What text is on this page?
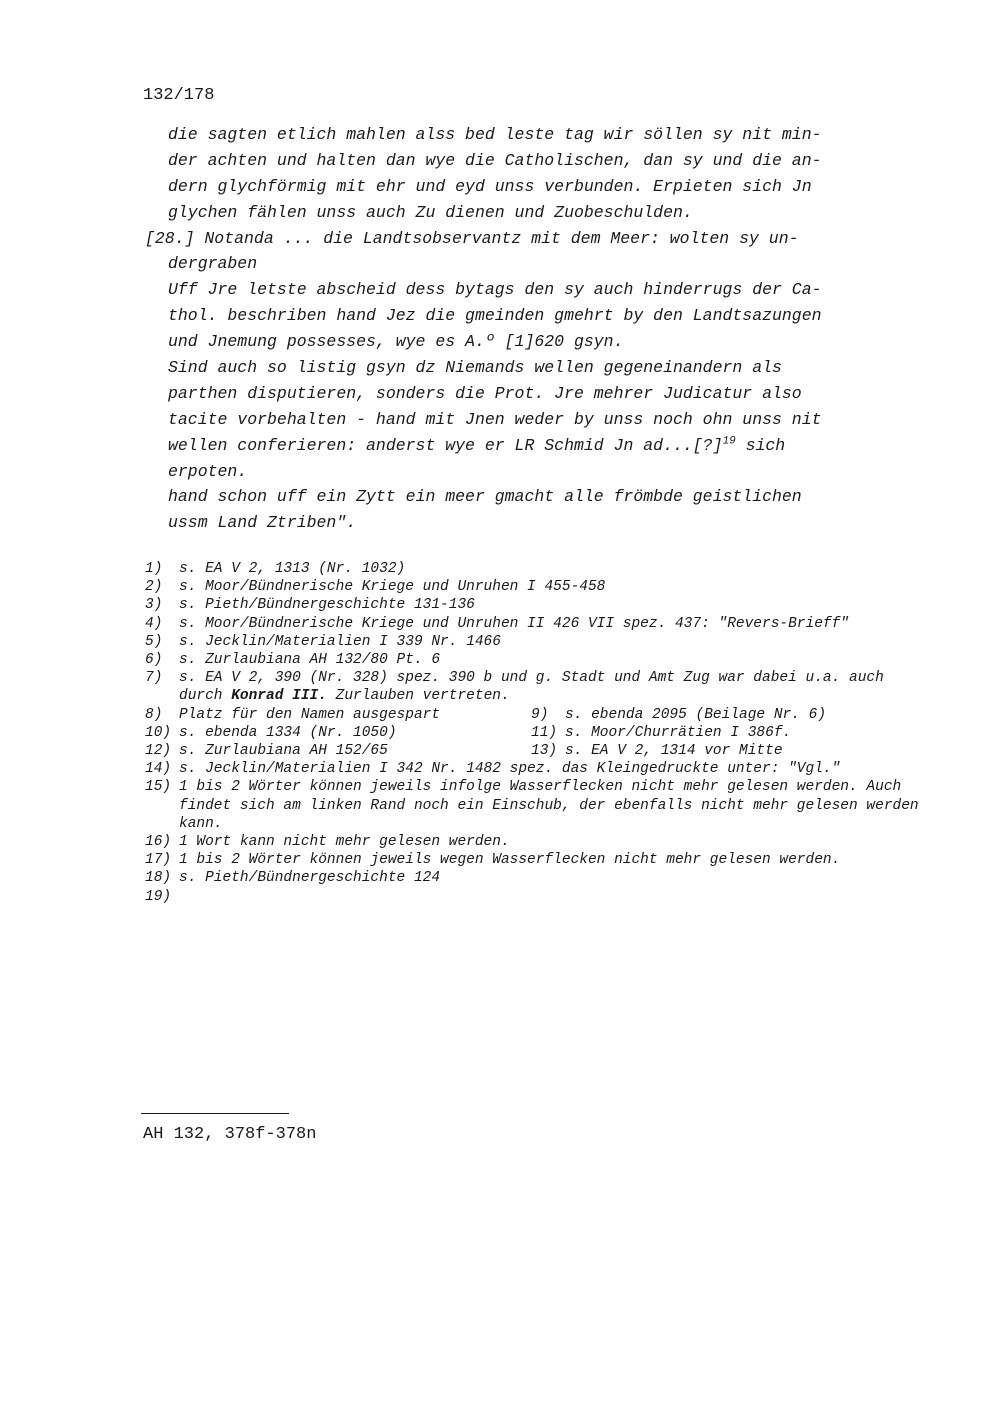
132/178
die sagten etlich mahlen alss bed leste tag wir söllen sy nit min-
der achten und halten dan wye die Catholischen, dan sy und die an-
dern glychförmig mit ehr und eyd unss verbunden. Erpieten sich Jn
glychen fählen unss auch Zu dienen und Zuobeschulden.
[28.] Notanda ... die Landtsobservantz mit dem Meer: wolten sy un-
dergraben
Uff Jre letste abscheid dess bytags den sy auch hinderrugs der Ca-
thol. beschriben hand Jez die gmeinden gmehrt by den Landtsazungen
und Jnemung possesses, wye es A.º [1]620 gsyn.
Sind auch so listig gsyn dz Niemands wellen gegeneinandern als
parthen disputieren, sonders die Prot. Jre mehrer Judicatur also
tacite vorbehalten - hand mit Jnen weder by unss noch ohn unss nit
wellen conferieren: anderst wye er LR Schmid Jn ad...[?]$^{19}$ sich
erpoten.
hand schon uff ein Zytt ein meer gmacht alle frömbde geistlichen
ussm Land Ztriben".
1)	s. EA V 2, 1313 (Nr. 1032)
2)	s. Moor/Bündnerische Kriege und Unruhen I 455-458
3)	s. Pieth/Bündnergeschichte 131-136
4)	s. Moor/Bündnerische Kriege und Unruhen II 426 VII spez. 437: "Revers-Brieff"
5)	s. Jecklin/Materialien I 339 Nr. 1466
6)	s. Zurlaubiana AH 132/80 Pt. 6
7)	s. EA V 2, 390 (Nr. 328) spez. 390 b und g. Stadt und Amt Zug war dabei u.a. auch durch Konrad III. Zurlauben vertreten.
8)	Platz für den Namen ausgespart	9)	s. ebenda 2095 (Beilage Nr. 6)
10) s. ebenda 1334 (Nr. 1050)	11) s. Moor/Churrätien I 386f.
12) s. Zurlaubiana AH 152/65	13) s. EA V 2, 1314 vor Mitte
14) s. Jecklin/Materialien I 342 Nr. 1482 spez. das Kleingedruckte unter: "Vgl."
15) 1 bis 2 Wörter können jeweils infolge Wasserflecken nicht mehr gelesen werden. Auch findet sich am linken Rand noch ein Einschub, der ebenfalls nicht mehr gelesen werden kann.
16) 1 Wort kann nicht mehr gelesen werden.
17) 1 bis 2 Wörter können jeweils wegen Wasserflecken nicht mehr gelesen werden.
18) s. Pieth/Bündnergeschichte 124
19)
AH 132, 378f-378n
